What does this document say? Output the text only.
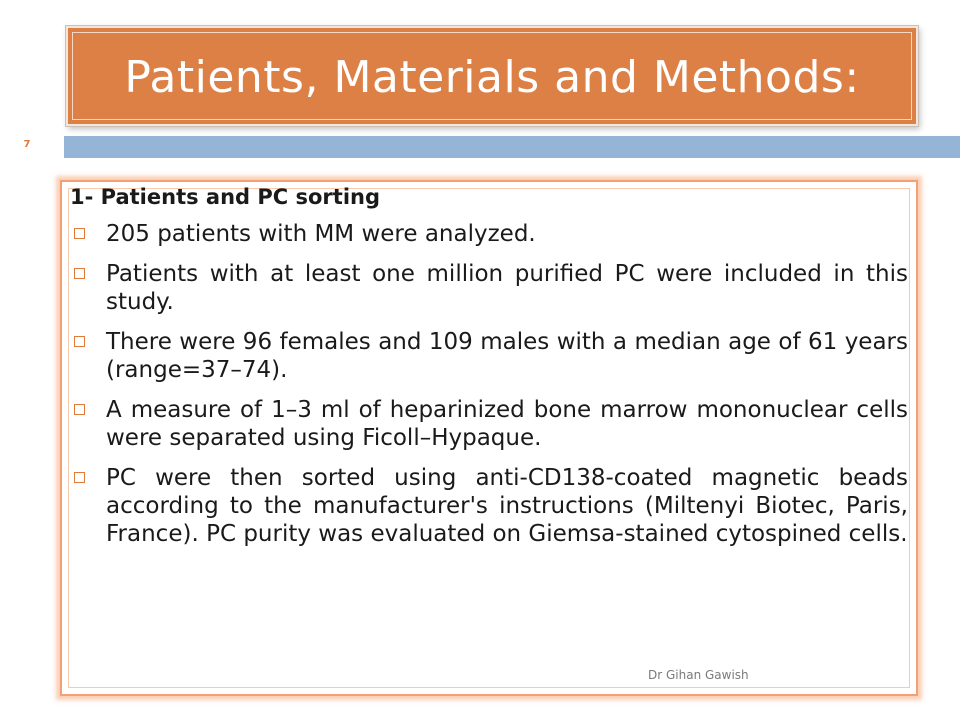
Patients, Materials and Methods:
7
1- Patients and PC sorting
205 patients with MM were analyzed.
Patients with at least one million purified PC were included in this study.
There were 96 females and 109 males with a median age of 61 years (range=37–74).
A measure of 1–3 ml of heparinized bone marrow mononuclear cells were separated using Ficoll–Hypaque.
PC were then sorted using anti-CD138-coated magnetic beads according to the manufacturer's instructions (Miltenyi Biotec, Paris, France). PC purity was evaluated on Giemsa-stained cytospined cells.
Dr Gihan Gawish
